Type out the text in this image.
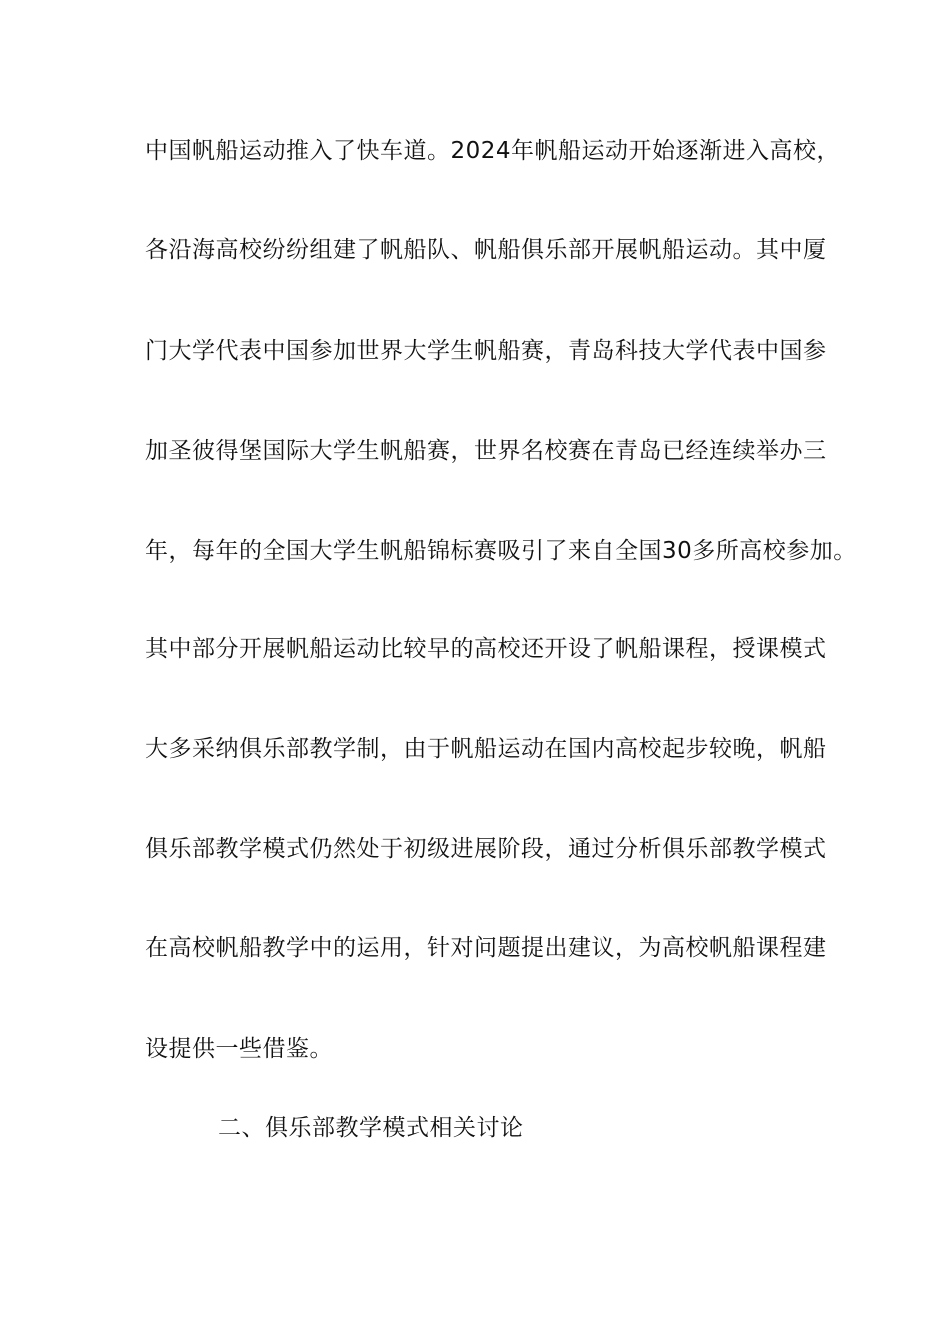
中国帆船运动推入了快车道。2024年帆船运动开始逐渐进入高校，
各沿海高校纷纷组建了帆船队、帆船俱乐部开展帆船运动。其中厦
门大学代表中国参加世界大学生帆船赛，青岛科技大学代表中国参
加圣彼得堡国际大学生帆船赛，世界名校赛在青岛已经连续举办三
年，每年的全国大学生帆船锦标赛吸引了来自全国30多所高校参加。
其中部分开展帆船运动比较早的高校还开设了帆船课程，授课模式
大多采纳俱乐部教学制，由于帆船运动在国内高校起步较晚，帆船
俱乐部教学模式仍然处于初级进展阶段，通过分析俱乐部教学模式
在高校帆船教学中的运用，针对问题提出建议，为高校帆船课程建
设提供一些借鉴。
二、俱乐部教学模式相关讨论
